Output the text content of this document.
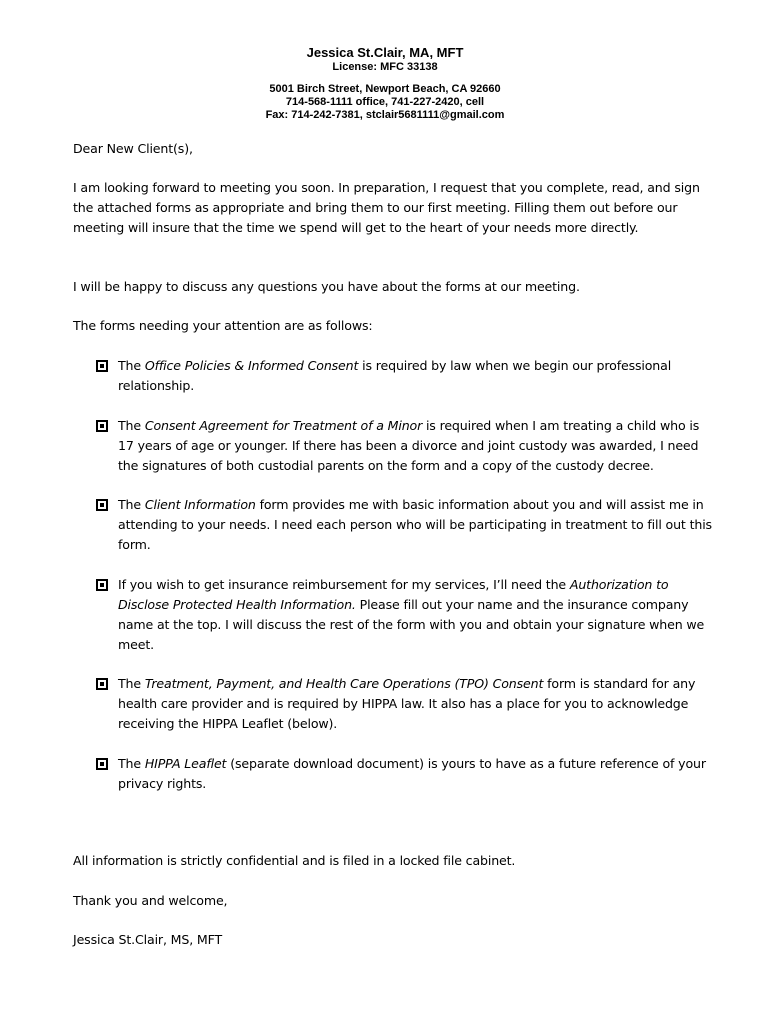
Jessica St.Clair, MA, MFT
License: MFC 33138
5001 Birch Street, Newport Beach, CA 92660
714-568-1111 office, 741-227-2420, cell
Fax: 714-242-7381, stclair5681111@gmail.com
Dear New Client(s),
I am looking forward to meeting you soon. In preparation, I request that you complete, read, and sign the attached forms as appropriate and bring them to our first meeting. Filling them out before our meeting will insure that the time we spend will get to the heart of your needs more directly.
I will be happy to discuss any questions you have about the forms at our meeting.
The forms needing your attention are as follows:
The Office Policies & Informed Consent is required by law when we begin our professional relationship.
The Consent Agreement for Treatment of a Minor is required when I am treating a child who is 17 years of age or younger. If there has been a divorce and joint custody was awarded, I need the signatures of both custodial parents on the form and a copy of the custody decree.
The Client Information form provides me with basic information about you and will assist me in attending to your needs. I need each person who will be participating in treatment to fill out this form.
If you wish to get insurance reimbursement for my services, I’ll need the Authorization to Disclose Protected Health Information. Please fill out your name and the insurance company name at the top. I will discuss the rest of the form with you and obtain your signature when we meet.
The Treatment, Payment, and Health Care Operations (TPO) Consent form is standard for any health care provider and is required by HIPPA law. It also has a place for you to acknowledge receiving the HIPPA Leaflet (below).
The HIPPA Leaflet (separate download document) is yours to have as a future reference of your privacy rights.
All information is strictly confidential and is filed in a locked file cabinet.
Thank you and welcome,
Jessica St.Clair, MS, MFT
